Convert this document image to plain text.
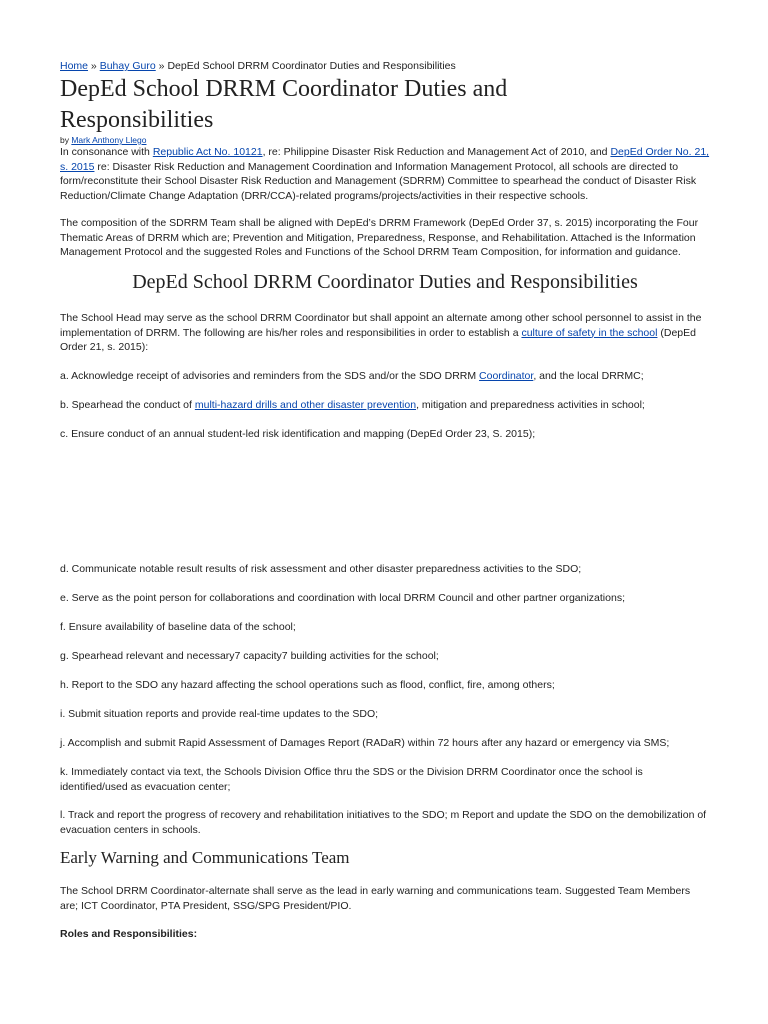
Home » Buhay Guro » DepEd School DRRM Coordinator Duties and Responsibilities
DepEd School DRRM Coordinator Duties and Responsibilities
by Mark Anthony Llego

In consonance with Republic Act No. 10121, re: Philippine Disaster Risk Reduction and Management Act of 2010, and DepEd Order No. 21, s. 2015 re: Disaster Risk Reduction and Management Coordination and Information Management Protocol, all schools are directed to form/reconstitute their School Disaster Risk Reduction and Management (SDRRM) Committee to spearhead the conduct of Disaster Risk Reduction/Climate Change Adaptation (DRR/CCA)-related programs/projects/activities in their respective schools.

The composition of the SDRRM Team shall be aligned with DepEd’s DRRM Framework (DepEd Order 37, s. 2015) incorporating the Four Thematic Areas of DRRM which are; Prevention and Mitigation, Preparedness, Response, and Rehabilitation. Attached is the Information Management Protocol and the suggested Roles and Functions of the School DRRM Team Composition, for information and guidance.

DepEd School DRRM Coordinator Duties and Responsibilities

The School Head may serve as the school DRRM Coordinator but shall appoint an alternate among other school personnel to assist in the implementation of DRRM. The following are his/her roles and responsibilities in order to establish a culture of safety in the school (DepEd Order 21, s. 2015):

a. Acknowledge receipt of advisories and reminders from the SDS and/or the SDO DRRM Coordinator, and the local DRRMC;

b. Spearhead the conduct of multi-hazard drills and other disaster prevention, mitigation and preparedness activities in school;

c. Ensure conduct of an annual student-led risk identification and mapping (DepEd Order 23, S. 2015);

d. Communicate notable result results of risk assessment and other disaster preparedness activities to the SDO;

e. Serve as the point person for collaborations and coordination with local DRRM Council and other partner organizations;

f. Ensure availability of baseline data of the school;

g. Spearhead relevant and necessary7 capacity7 building activities for the school;

h. Report to the SDO any hazard affecting the school operations such as flood, conflict, fire, among others;

i. Submit situation reports and provide real-time updates to the SDO;

j. Accomplish and submit Rapid Assessment of Damages Report (RADaR) within 72 hours after any hazard or emergency via SMS;

k. Immediately contact via text, the Schools Division Office thru the SDS or the Division DRRM Coordinator once the school is identified/used as evacuation center;

l. Track and report the progress of recovery and rehabilitation initiatives to the SDO; m Report and update the SDO on the demobilization of evacuation centers in schools.

Early Warning and Communications Team

The School DRRM Coordinator-alternate shall serve as the lead in early warning and communications team. Suggested Team Members are; ICT Coordinator, PTA President, SSG/SPG President/PIO.

Roles and Responsibilities:
